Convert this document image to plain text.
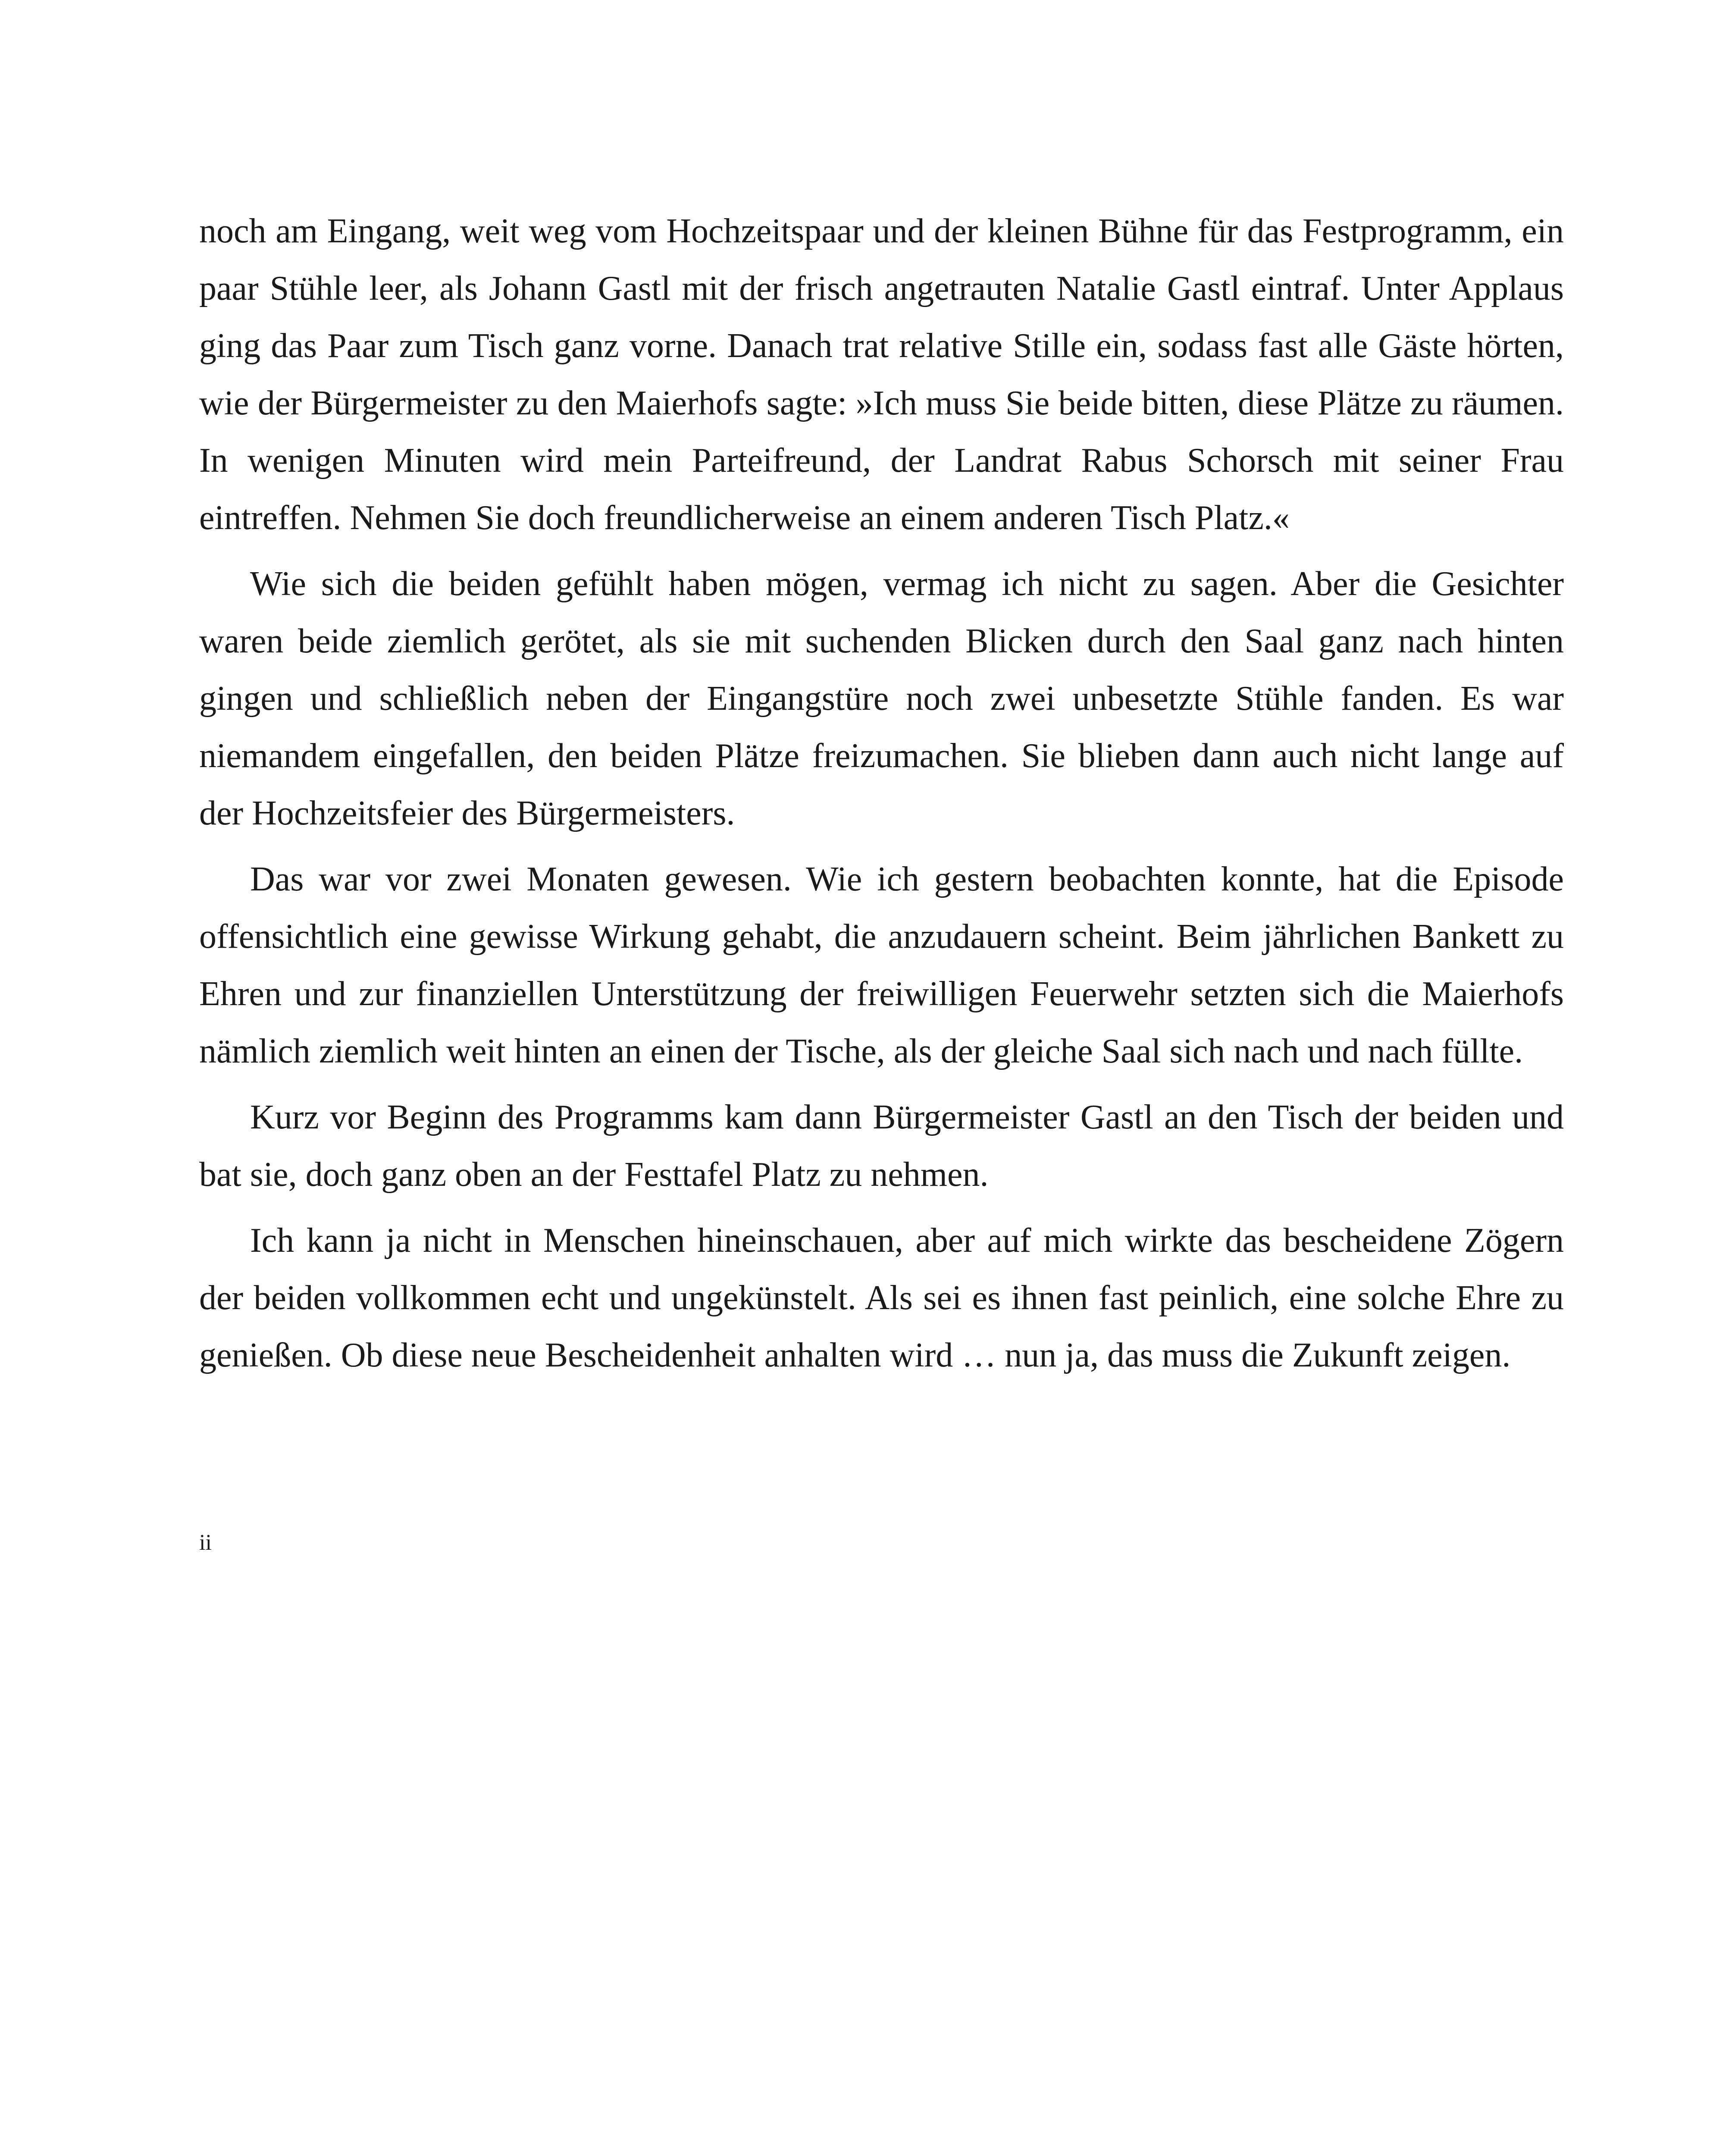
noch am Eingang, weit weg vom Hochzeitspaar und der kleinen Bühne für das Festprogramm, ein paar Stühle leer, als Johann Gastl mit der frisch angetrauten Natalie Gastl eintraf. Unter Applaus ging das Paar zum Tisch ganz vorne. Danach trat relative Stille ein, sodass fast alle Gäste hörten, wie der Bürgermeister zu den Maierhofs sagte: »Ich muss Sie beide bitten, diese Plätze zu räumen. In wenigen Minuten wird mein Parteifreund, der Landrat Rabus Schorsch mit seiner Frau eintreffen. Nehmen Sie doch freundlicherweise an einem anderen Tisch Platz.«

Wie sich die beiden gefühlt haben mögen, vermag ich nicht zu sagen. Aber die Gesichter waren beide ziemlich gerötet, als sie mit suchenden Blicken durch den Saal ganz nach hinten gingen und schließlich neben der Eingangstüre noch zwei unbesetzte Stühle fanden. Es war niemandem eingefallen, den beiden Plätze freizumachen. Sie blieben dann auch nicht lange auf der Hochzeitsfeier des Bürgermeisters.

Das war vor zwei Monaten gewesen. Wie ich gestern beobachten konnte, hat die Episode offensichtlich eine gewisse Wirkung gehabt, die anzudauern scheint. Beim jährlichen Bankett zu Ehren und zur finanziellen Unterstützung der freiwilligen Feuerwehr setzten sich die Maierhofs nämlich ziemlich weit hinten an einen der Tische, als der gleiche Saal sich nach und nach füllte.

Kurz vor Beginn des Programms kam dann Bürgermeister Gastl an den Tisch der beiden und bat sie, doch ganz oben an der Festtafel Platz zu nehmen.

Ich kann ja nicht in Menschen hineinschauen, aber auf mich wirkte das bescheidene Zögern der beiden vollkommen echt und ungekünstelt. Als sei es ihnen fast peinlich, eine solche Ehre zu genießen. Ob diese neue Bescheidenheit anhalten wird … nun ja, das muss die Zukunft zeigen.

ii
